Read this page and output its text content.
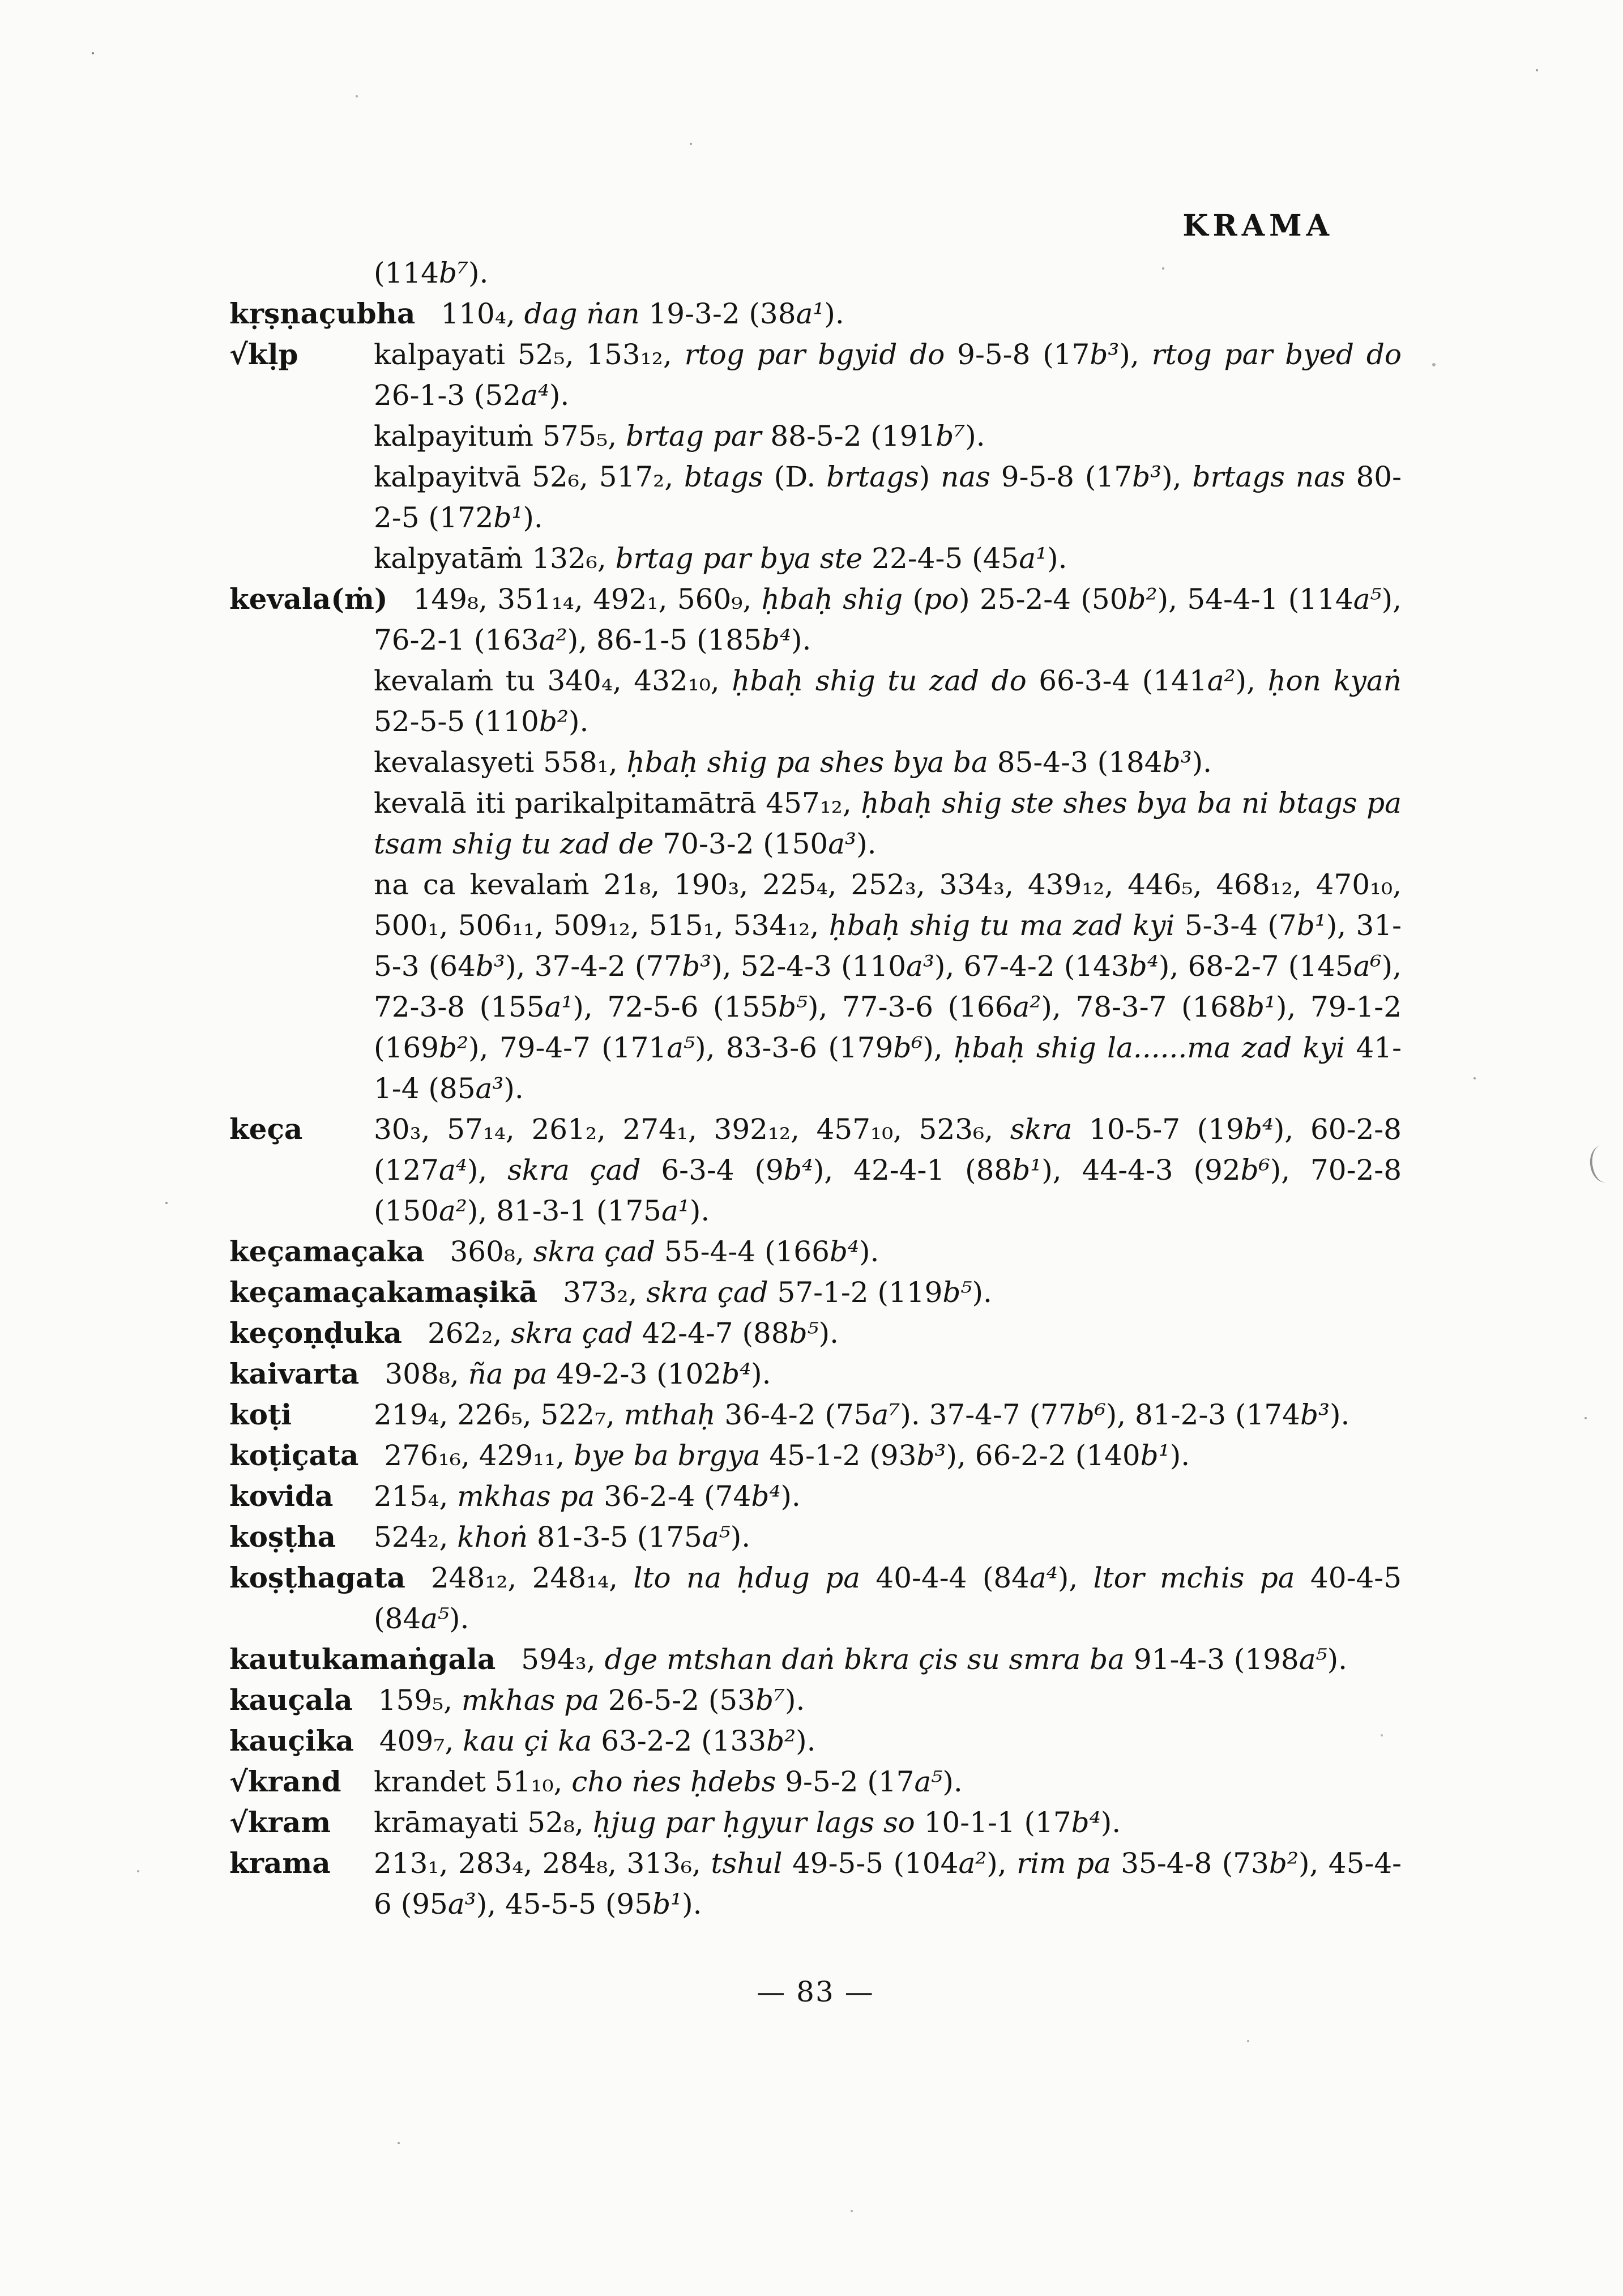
KRAMA
(114b⁷).
kṛṣṇaçubha 110₄, dag ṅan 19-3-2 (38a¹).
√kḷp	kalpayati 52₅, 153₁₂, rtog par bgyid do 9-5-8 (17b³), rtog par byed do 26-1-3 (52a⁴).
kalpayituṁ 575₅, brtag par 88-5-2 (191b⁷).
kalpayitvā 52₆, 517₂, btags (D. brtags) nas 9-5-8 (17b³), brtags nas 80-2-5 (172b¹).
kalpyatāṁ 132₆, brtag par bya ste 22-4-5 (45a¹).
kevala(ṁ) 149₈, 351₁₄, 492₁, 560₉, ḥbaḥ shig (po) 25-2-4 (50b²), 54-4-1 (114a⁵), 76-2-1 (163a²), 86-1-5 (185b⁴).
kevalaṁ tu 340₄, 432₁₀, ḥbaḥ shig tu zad do 66-3-4 (141a²), ḥon kyaṅ 52-5-5 (110b²).
kevalasyeti 558₁, ḥbaḥ shig pa shes bya ba 85-4-3 (184b³).
kevalā iti parikalpitamātrā 457₁₂, ḥbaḥ shig ste shes bya ba ni btags pa tsam shig tu zad de 70-3-2 (150a³).
na ca kevalaṁ 21₈, 190₃, 225₄, 252₃, 334₃, 439₁₂, 446₅, 468₁₂, 470₁₀, 500₁, 506₁₁, 509₁₂, 515₁, 534₁₂, ḥbaḥ shig tu ma zad kyi 5-3-4 (7b¹), 31-5-3 (64b³), 37-4-2 (77b³), 52-4-3 (110a³), 67-4-2 (143b⁴), 68-2-7 (145a⁶), 72-3-8 (155a¹), 72-5-6 (155b⁵), 77-3-6 (166a²), 78-3-7 (168b¹), 79-1-2 (169b²), 79-4-7 (171a⁵), 83-3-6 (179b⁶), ḥbaḥ shig la......ma zad kyi 41-1-4 (85a³).
keça	30₃, 57₁₄, 261₂, 274₁, 392₁₂, 457₁₀, 523₆, skra 10-5-7 (19b⁴), 60-2-8 (127a⁴), skra çad 6-3-4 (9b⁴), 42-4-1 (88b¹), 44-4-3 (92b⁶), 70-2-8 (150a²), 81-3-1 (175a¹).
keçamaçaka 360₈, skra çad 55-4-4 (166b⁴).
keçamaçakamaṣikā 373₂, skra çad 57-1-2 (119b⁵).
keçoṇḍuka 262₂, skra çad 42-4-7 (88b⁵).
kaivarta 308₈, ña pa 49-2-3 (102b⁴).
koṭi	219₄, 226₅, 522₇, mthaḥ 36-4-2 (75a⁷). 37-4-7 (77b⁶), 81-2-3 (174b³).
koṭiçata 276₁₆, 429₁₁, bye ba brgya 45-1-2 (93b³), 66-2-2 (140b¹).
kovida 215₄, mkhas pa 36-2-4 (74b⁴).
koṣṭha 524₂, khoṅ 81-3-5 (175a⁵).
koṣṭhagata 248₁₂, 248₁₄, lto na ḥdug pa 40-4-4 (84a⁴), ltor mchis pa 40-4-5 (84a⁵).
kautukamaṅgala 594₃, dge mtshan daṅ bkra çis su smra ba 91-4-3 (198a⁵).
kauçala 159₅, mkhas pa 26-5-2 (53b⁷).
kauçika 409₇, kau çi ka 63-2-2 (133b²).
√krand krandet 51₁₀, cho ṅes ḥdebs 9-5-2 (17a⁵).
√kram krāmayati 52₈, ḥjug par ḥgyur lags so 10-1-1 (17b⁴).
krama 213₁, 283₄, 284₈, 313₆, tshul 49-5-5 (104a²), rim pa 35-4-8 (73b²), 45-4-6 (95a³), 45-5-5 (95b¹).
— 83 —
